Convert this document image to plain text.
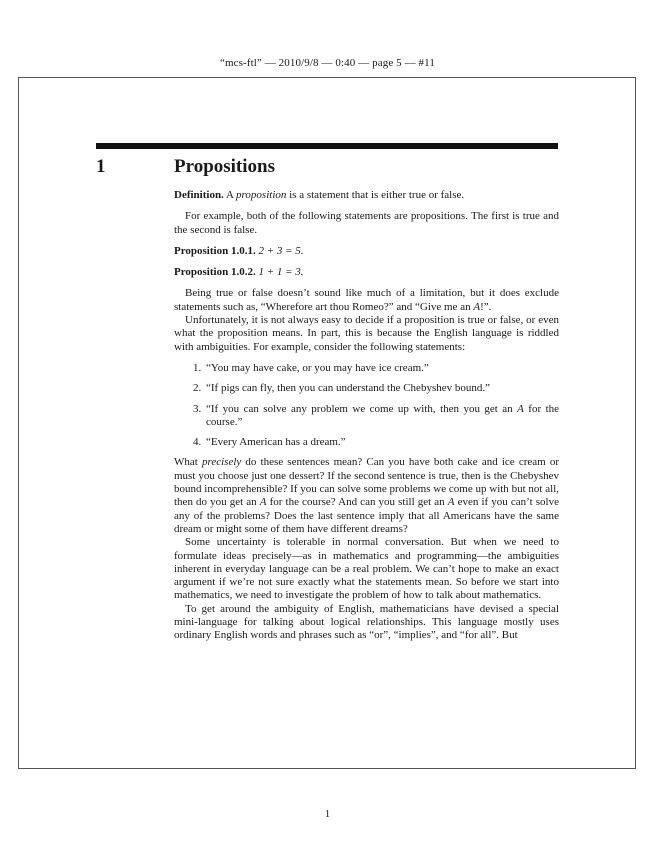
“mcs-ftl” — 2010/9/8 — 0:40 — page 5 — #11
1	Propositions

Definition. A proposition is a statement that is either true or false.

For example, both of the following statements are propositions. The first is true and the second is false.

Proposition 1.0.1. 2 + 3 = 5.

Proposition 1.0.2. 1 + 1 = 3.

Being true or false doesn’t sound like much of a limitation, but it does exclude statements such as, “Wherefore art thou Romeo?” and “Give me an A!”.

Unfortunately, it is not always easy to decide if a proposition is true or false, or even what the proposition means. In part, this is because the English language is riddled with ambiguities. For example, consider the following statements:

1. “You may have cake, or you may have ice cream.”
2. “If pigs can fly, then you can understand the Chebyshev bound.”
3. “If you can solve any problem we come up with, then you get an A for the course.”
4. “Every American has a dream.”

What precisely do these sentences mean? Can you have both cake and ice cream or must you choose just one dessert? If the second sentence is true, then is the Chebyshev bound incomprehensible? If you can solve some problems we come up with but not all, then do you get an A for the course? And can you still get an A even if you can’t solve any of the problems? Does the last sentence imply that all Americans have the same dream or might some of them have different dreams?

Some uncertainty is tolerable in normal conversation. But when we need to formulate ideas precisely—as in mathematics and programming—the ambiguities inherent in everyday language can be a real problem. We can’t hope to make an exact argument if we’re not sure exactly what the statements mean. So before we start into mathematics, we need to investigate the problem of how to talk about mathematics.

To get around the ambiguity of English, mathematicians have devised a special mini-language for talking about logical relationships. This language mostly uses ordinary English words and phrases such as “or”, “implies”, and “for all”. But

1
